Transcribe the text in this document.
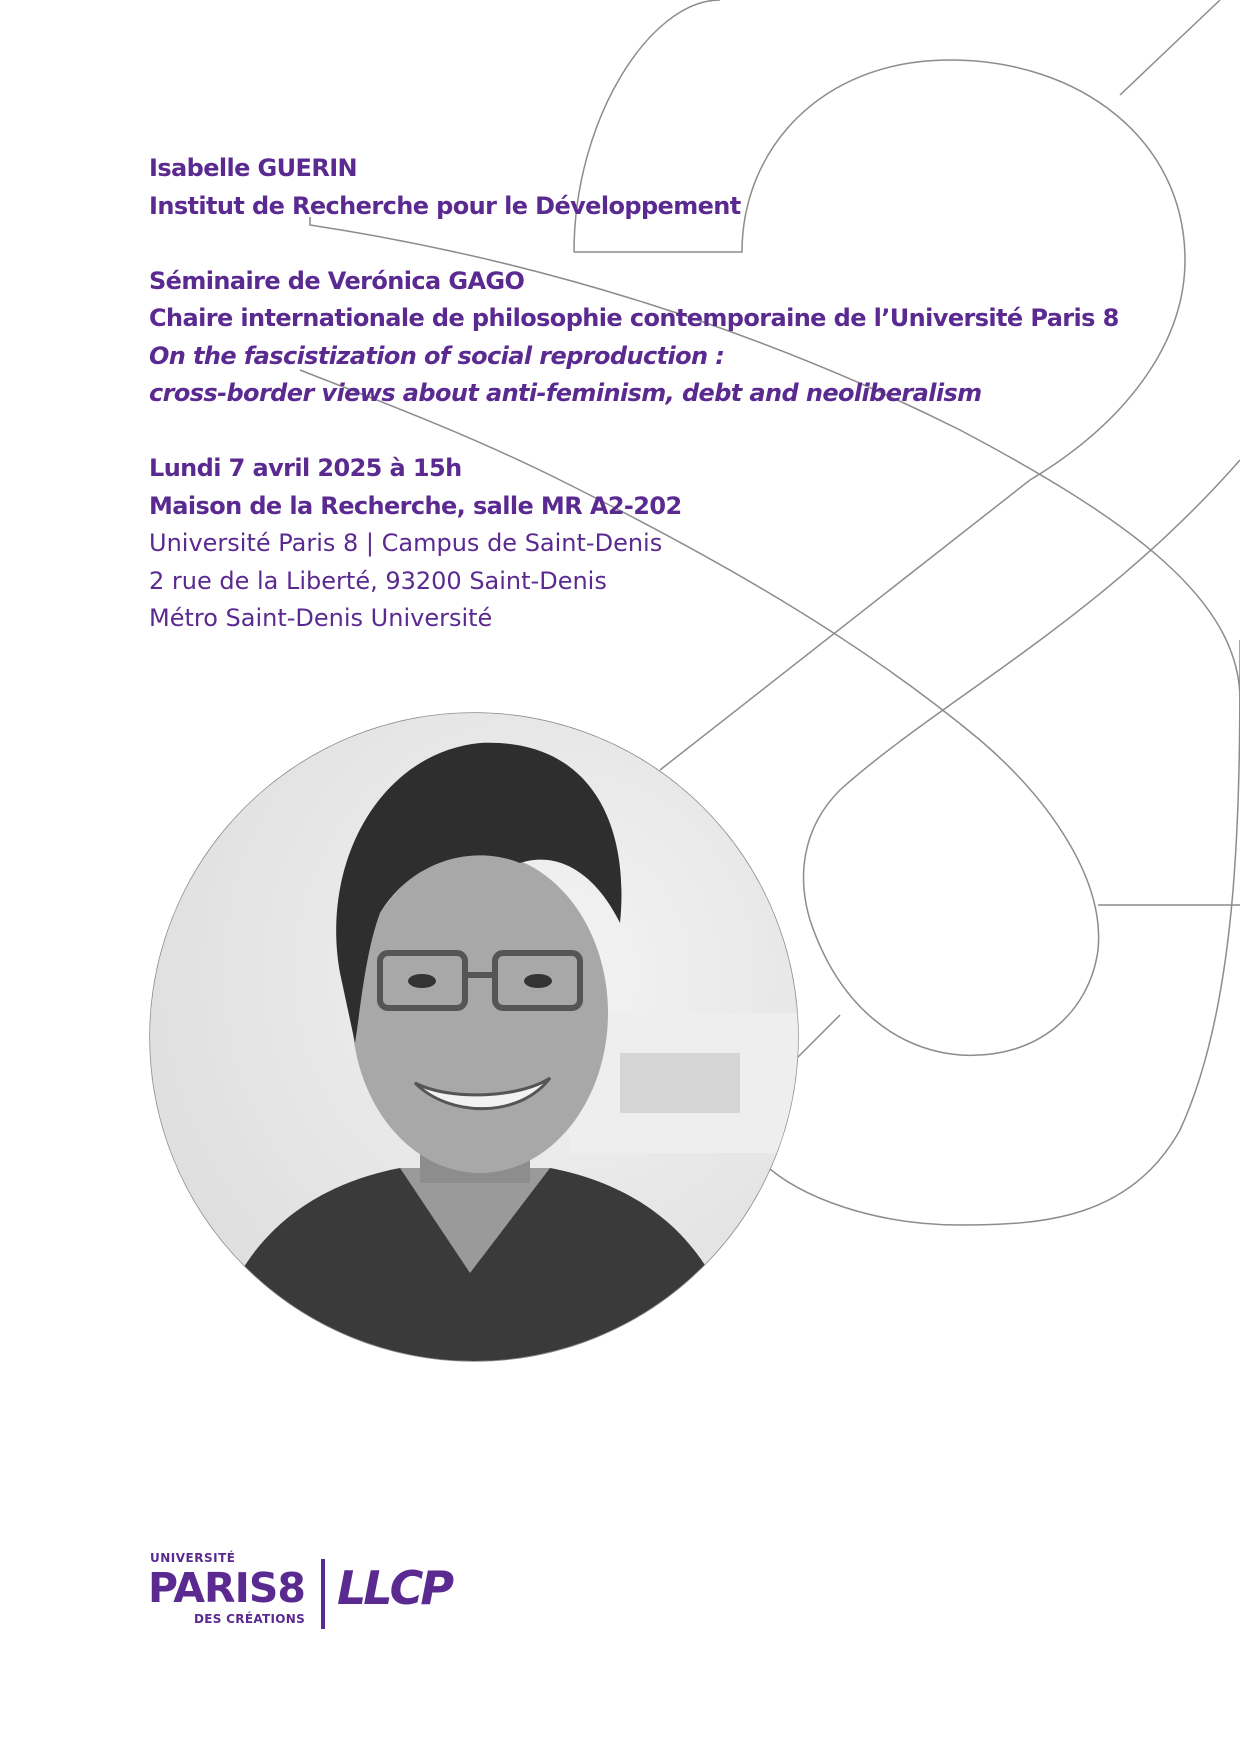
Isabelle GUERIN
Institut de Recherche pour le Développement
Séminaire de Verónica GAGO
Chaire internationale de philosophie contemporaine de l’Université Paris 8
On the fascistization of social reproduction :
cross-border views about anti-feminism, debt and neoliberalism
Lundi 7 avril 2025 à 15h
Maison de la Recherche, salle MR A2-202
Université Paris 8 | Campus de Saint-Denis
2 rue de la Liberté, 93200 Saint-Denis
Métro Saint-Denis Université
UNIVERSITÉ
PARIS8
DES CRÉATIONS
LLCP
